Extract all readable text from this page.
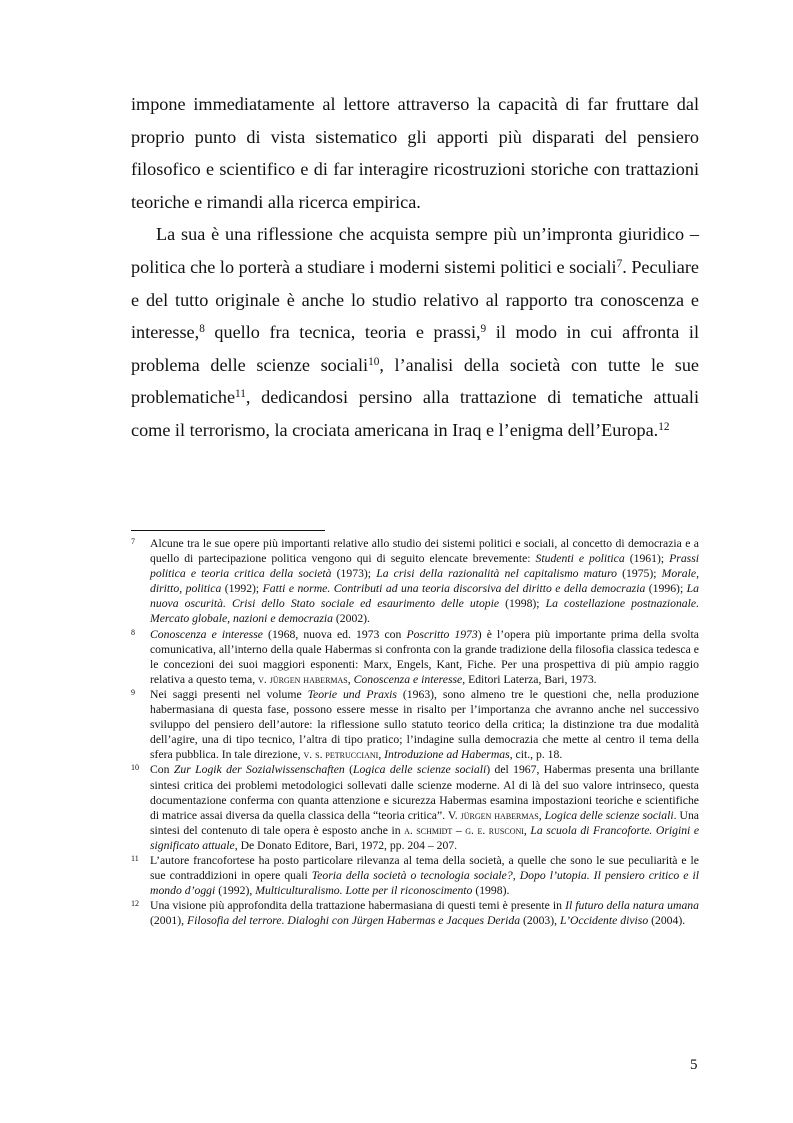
impone immediatamente al lettore attraverso la capacità di far fruttare dal proprio punto di vista sistematico gli apporti più disparati del pensiero filosofico e scientifico e di far interagire ricostruzioni storiche con trattazioni teoriche e rimandi alla ricerca empirica.

La sua è una riflessione che acquista sempre più un’impronta giuridico – politica che lo porterà a studiare i moderni sistemi politici e sociali$^7$. Peculiare e del tutto originale è anche lo studio relativo al rapporto tra conoscenza e interesse,$^8$ quello fra tecnica, teoria e prassi,$^9$ il modo in cui affronta il problema delle scienze sociali$^{10}$, l’analisi della società con tutte le sue problematiche$^{11}$, dedicandosi persino alla trattazione di tematiche attuali come il terrorismo, la crociata americana in Iraq e l’enigma dell’Europa.$^{12}$

7 Alcune tra le sue opere più importanti relative allo studio dei sistemi politici e sociali, al concetto di democrazia e a quello di partecipazione politica vengono qui di seguito elencate brevemente: Studenti e politica (1961); Prassi politica e teoria critica della società (1973); La crisi della razionalità nel capitalismo maturo (1975); Morale, diritto, politica (1992); Fatti e norme. Contributi ad una teoria discorsiva del diritto e della democrazia (1996); La nuova oscurità. Crisi dello Stato sociale ed esaurimento delle utopie (1998); La costellazione postnazionale. Mercato globale, nazioni e democrazia (2002).
8 Conoscenza e interesse (1968, nuova ed. 1973 con Poscritto 1973) è l’opera più importante prima della svolta comunicativa, all’interno della quale Habermas si confronta con la grande tradizione della filosofia classica tedesca e le concezioni dei suoi maggiori esponenti: Marx, Engels, Kant, Fiche. Per una prospettiva di più ampio raggio relativa a questo tema, v. jürgen habermas, Conoscenza e interesse, Editori Laterza, Bari, 1973.
9 Nei saggi presenti nel volume Teorie und Praxis (1963), sono almeno tre le questioni che, nella produzione habermasiana di questa fase, possono essere messe in risalto per l’importanza che avranno anche nel successivo sviluppo del pensiero dell’autore: la riflessione sullo statuto teorico della critica; la distinzione tra due modalità dell’agire, una di tipo tecnico, l’altra di tipo pratico; l’indagine sulla democrazia che mette al centro il tema della sfera pubblica. In tale direzione, v. s. petrucciani, Introduzione ad Habermas, cit., p. 18.
10 Con Zur Logik der Sozialwissenschaften (Logica delle scienze sociali) del 1967, Habermas presenta una brillante sintesi critica dei problemi metodologici sollevati dalle scienze moderne. Al di là del suo valore intrinseco, questa documentazione conferma con quanta attenzione e sicurezza Habermas esamina impostazioni teoriche e scientifiche di matrice assai diversa da quella classica della “teoria critica”. V. jürgen habermas, Logica delle scienze sociali. Una sintesi del contenuto di tale opera è esposto anche in a. schmidt – g. e. rusconi, La scuola di Francoforte. Origini e significato attuale, De Donato Editore, Bari, 1972, pp. 204 – 207.
11 L’autore francofortese ha posto particolare rilevanza al tema della società, a quelle che sono le sue peculiarità e le sue contraddizioni in opere quali Teoria della società o tecnologia sociale?, Dopo l’utopia. Il pensiero critico e il mondo d’oggi (1992), Multiculturalismo. Lotte per il riconoscimento (1998).
12 Una visione più approfondita della trattazione habermasiana di questi temi è presente in Il futuro della natura umana (2001), Filosofia del terrore. Dialoghi con Jürgen Habermas e Jacques Derida (2003), L’Occidente diviso (2004).
5
